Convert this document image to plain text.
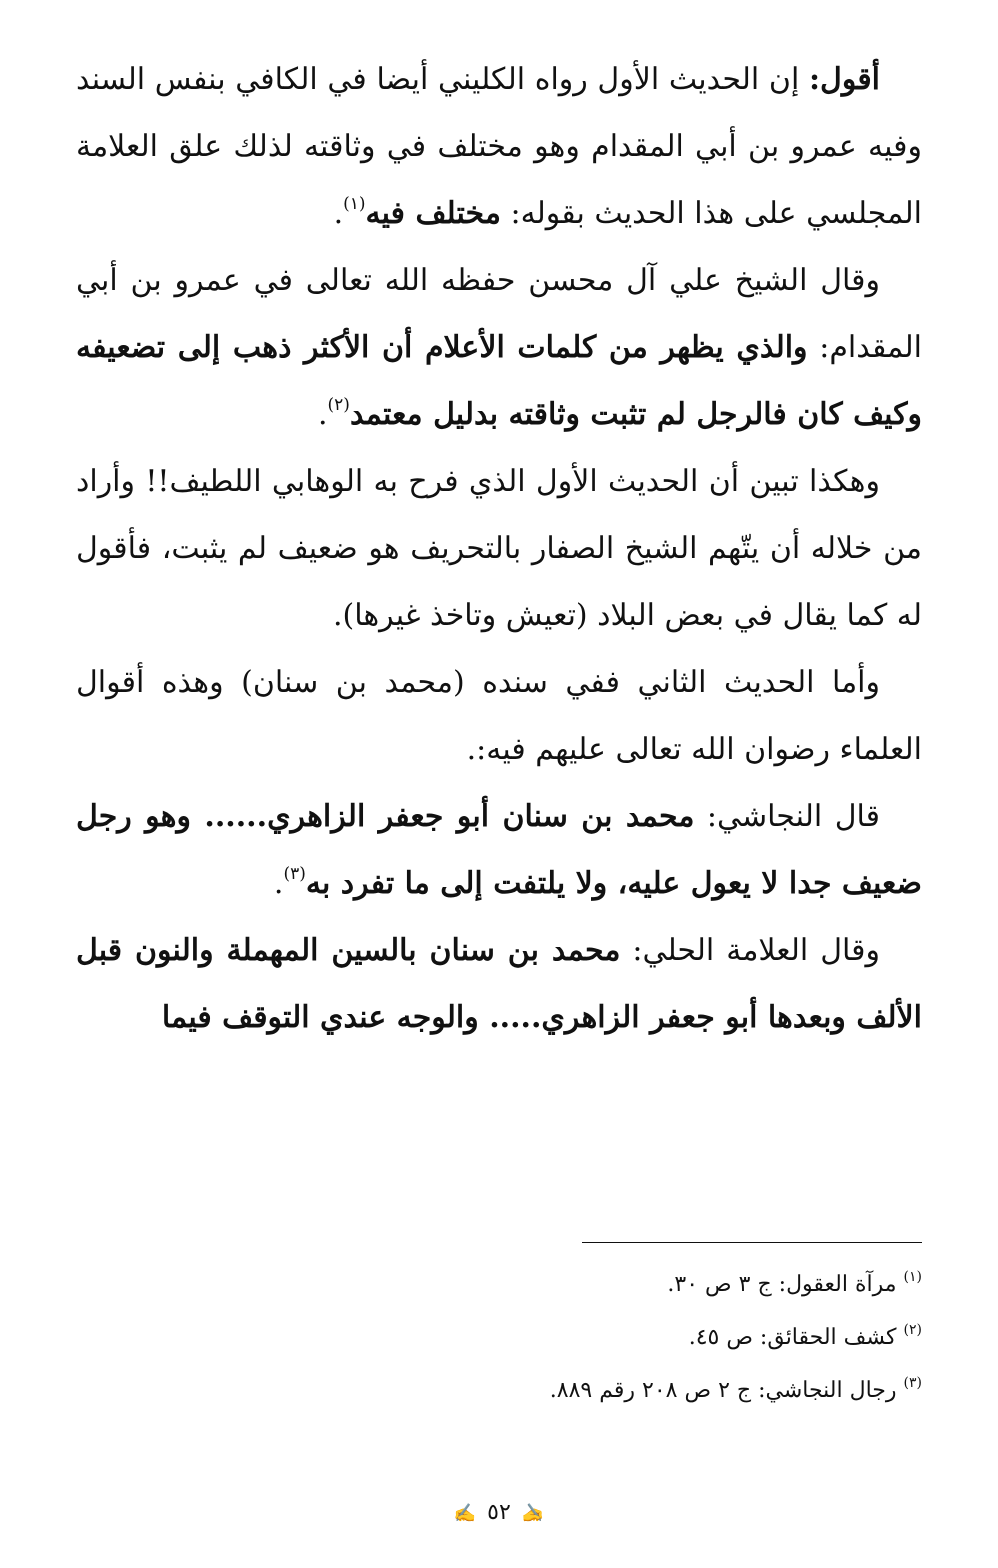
أقول: إن الحديث الأول رواه الكليني أيضا في الكافي بنفس السند وفيه عمرو بن أبي المقدام وهو مختلف في وثاقته لذلك علق العلامة المجلسي على هذا الحديث بقوله: مختلف فيه$^{(١)}$.

وقال الشيخ علي آل محسن حفظه الله تعالى في عمرو بن أبي المقدام: والذي يظهر من كلمات الأعلام أن الأكثر ذهب إلى تضعيفه وكيف كان فالرجل لم تثبت وثاقته بدليل معتمد$^{(٢)}$.

وهكذا تبين أن الحديث الأول الذي فرح به الوهابي اللطيف!! وأراد من خلاله أن يتّهم الشيخ الصفار بالتحريف هو ضعيف لم يثبت، فأقول له كما يقال في بعض البلاد (تعيش وتاخذ غيرها).

وأما الحديث الثاني ففي سنده (محمد بن سنان) وهذه أقوال العلماء رضوان الله تعالى عليهم فيه:.

قال النجاشي: محمد بن سنان أبو جعفر الزاهري...... وهو رجل ضعيف جدا لا يعول عليه، ولا يلتفت إلى ما تفرد به$^{(٣)}$.

وقال العلامة الحلي: محمد بن سنان بالسين المهملة والنون قبل الألف وبعدها أبو جعفر الزاهري..... والوجه عندي التوقف فيما

$^{(١)}$ مرآة العقول: ج ٣ ص ٣٠.

$^{(٢)}$ كشف الحقائق: ص ٤٥.

$^{(٣)}$ رجال النجاشي: ج ٢ ص ٢٠٨ رقم ٨٨٩.

✍ ٥٢ ✍
